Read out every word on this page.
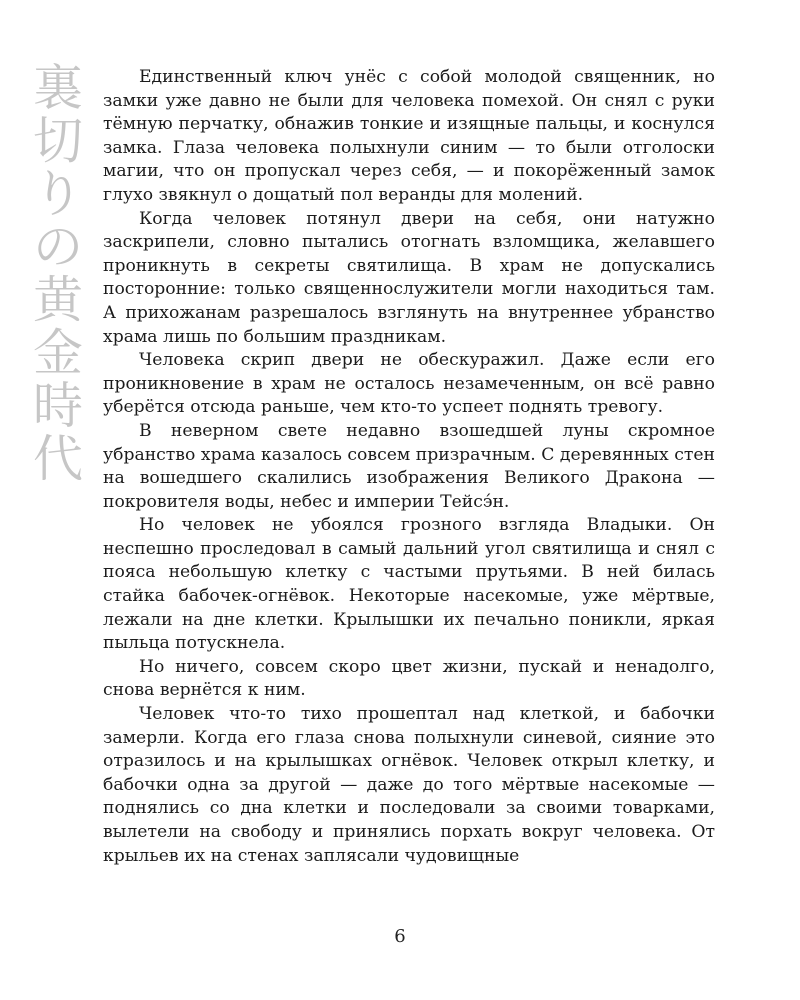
裏
切
り
の
黄
金
時
代

Единственный ключ унёс с собой молодой священник, но замки уже давно не были для человека помехой. Он снял с руки тёмную перчатку, обнажив тонкие и изящные пальцы, и коснулся замка. Глаза человека полыхнули синим — то были отголоски магии, что он пропускал через себя, — и покорёженный замок глухо звякнул о дощатый пол веранды для молений.

Когда человек потянул двери на себя, они натужно заскрипели, словно пытались отогнать взломщика, желавшего проникнуть в секреты святилища. В храм не допускались посторонние: только священнослужители могли находиться там. А прихожанам разрешалось взглянуть на внутреннее убранство храма лишь по большим праздникам.

Человека скрип двери не обескуражил. Даже если его проникновение в храм не осталось незамеченным, он всё равно уберётся отсюда раньше, чем кто-то успеет поднять тревогу.

В неверном свете недавно взошедшей луны скромное убранство храма казалось совсем призрачным. С деревянных стен на вошедшего скалились изображения Великого Дракона — покровителя воды, небес и империи Тейсэ́н.

Но человек не убоялся грозного взгляда Владыки. Он неспешно проследовал в самый дальний угол святилища и снял с пояса небольшую клетку с частыми прутьями. В ней билась стайка бабочек-огнёвок. Некоторые насекомые, уже мёртвые, лежали на дне клетки. Крылышки их печально поникли, яркая пыльца потускнела.

Но ничего, совсем скоро цвет жизни, пускай и ненадолго, снова вернётся к ним.

Человек что-то тихо прошептал над клеткой, и бабочки замерли. Когда его глаза снова полыхнули синевой, сияние это отразилось и на крылышках огнёвок. Человек открыл клетку, и бабочки одна за другой — даже до того мёртвые насекомые — поднялись со дна клетки и последовали за своими товарками, вылетели на свободу и принялись порхать вокруг человека. От крыльев их на стенах заплясали чудовищные

6
